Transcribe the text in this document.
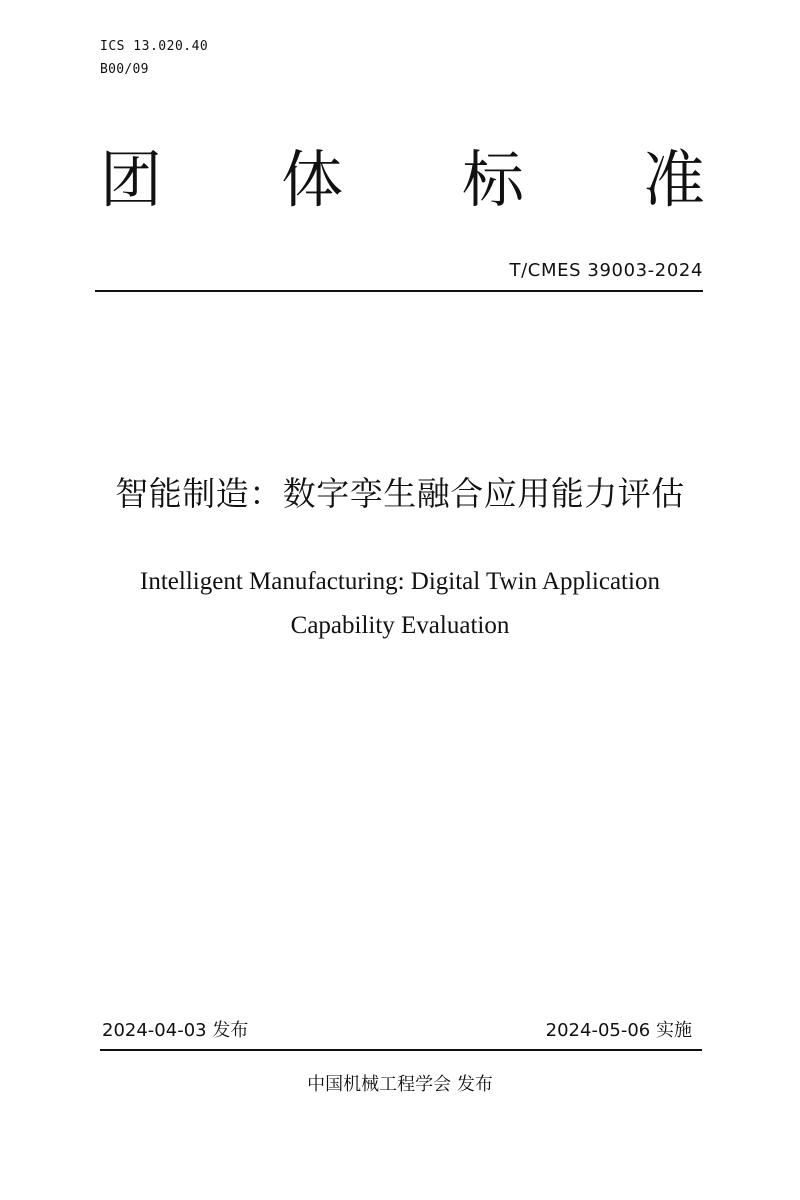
ICS 13.020.40
B00/09
团 体 标 准
T/CMES 39003-2024
智能制造：数字孪生融合应用能力评估
Intelligent Manufacturing: Digital Twin Application
Capability Evaluation
2024-04-03 发布	2024-05-06 实施
中国机械工程学会 发布
